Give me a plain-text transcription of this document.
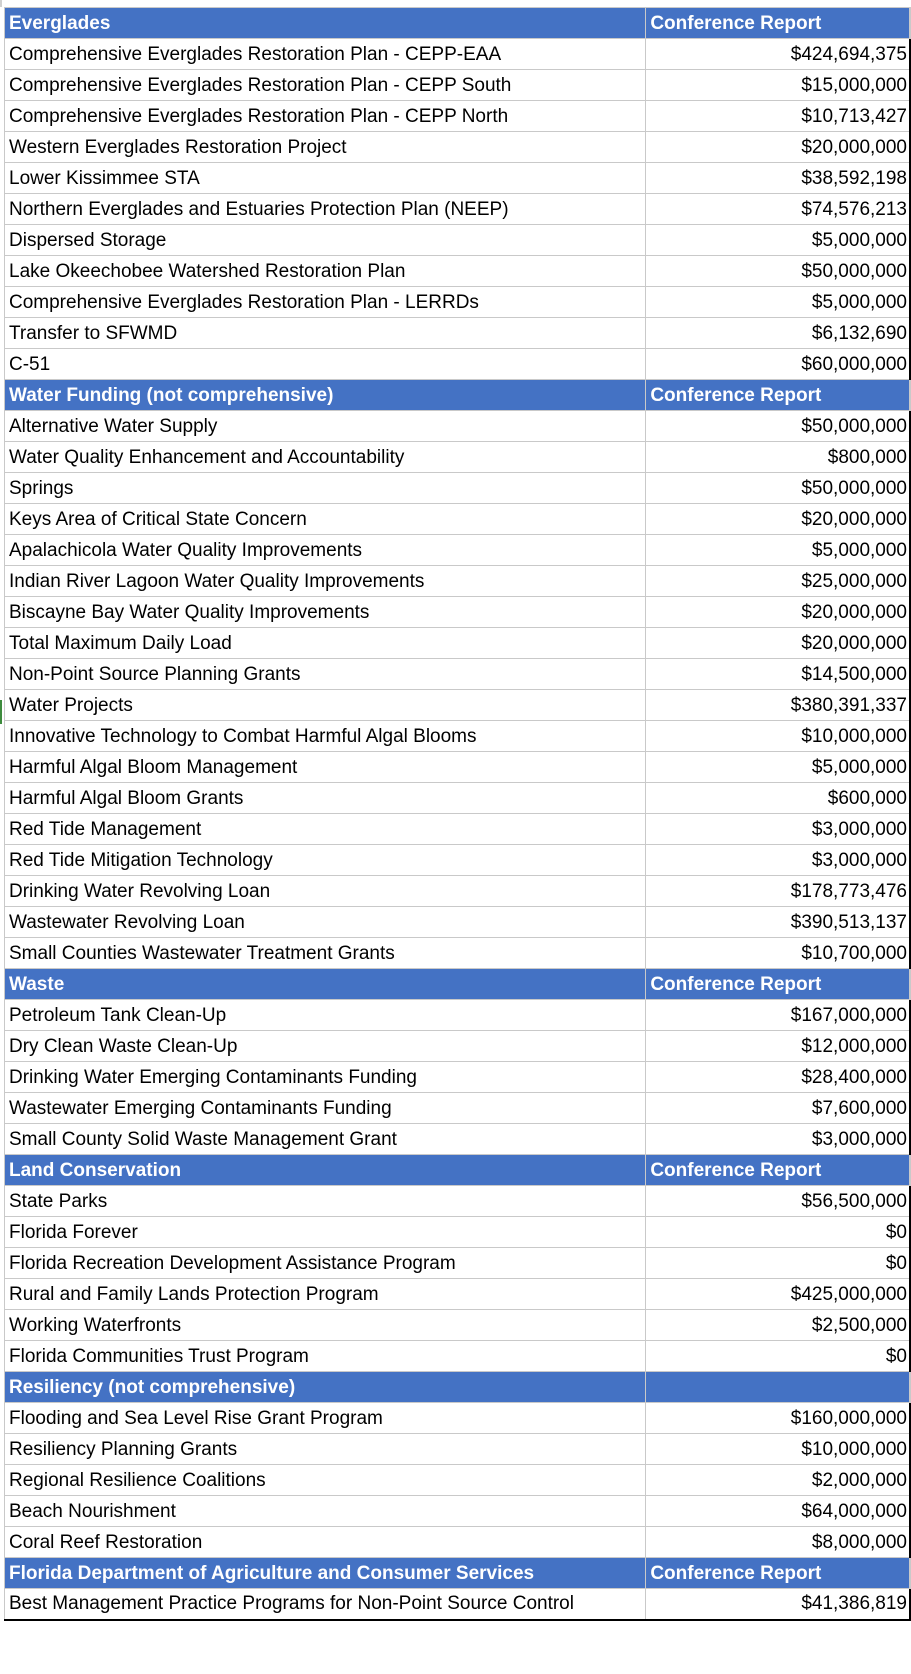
Everglades	Conference Report
Comprehensive Everglades Restoration Plan - CEPP-EAA	$424,694,375
Comprehensive Everglades Restoration Plan - CEPP South	$15,000,000
Comprehensive Everglades Restoration Plan - CEPP North	$10,713,427
Western Everglades Restoration Project	$20,000,000
Lower Kissimmee STA	$38,592,198
Northern Everglades and Estuaries Protection Plan (NEEP)	$74,576,213
Dispersed Storage	$5,000,000
Lake Okeechobee Watershed Restoration Plan	$50,000,000
Comprehensive Everglades Restoration Plan - LERRDs	$5,000,000
Transfer to SFWMD	$6,132,690
C-51	$60,000,000
Water Funding (not comprehensive)	Conference Report
Alternative Water Supply	$50,000,000
Water Quality Enhancement and Accountability	$800,000
Springs	$50,000,000
Keys Area of Critical State Concern	$20,000,000
Apalachicola Water Quality Improvements	$5,000,000
Indian River Lagoon Water Quality Improvements	$25,000,000
Biscayne Bay Water Quality Improvements	$20,000,000
Total Maximum Daily Load	$20,000,000
Non-Point Source Planning Grants	$14,500,000
Water Projects	$380,391,337
Innovative Technology to Combat Harmful Algal Blooms	$10,000,000
Harmful Algal Bloom Management	$5,000,000
Harmful Algal Bloom Grants	$600,000
Red Tide Management	$3,000,000
Red Tide Mitigation Technology	$3,000,000
Drinking Water Revolving Loan	$178,773,476
Wastewater Revolving Loan	$390,513,137
Small Counties Wastewater Treatment Grants	$10,700,000
Waste	Conference Report
Petroleum Tank Clean-Up	$167,000,000
Dry Clean Waste Clean-Up	$12,000,000
Drinking Water Emerging Contaminants Funding	$28,400,000
Wastewater Emerging Contaminants Funding	$7,600,000
Small County Solid Waste Management Grant	$3,000,000
Land Conservation	Conference Report
State Parks	$56,500,000
Florida Forever	$0
Florida Recreation Development Assistance Program	$0
Rural and Family Lands Protection Program	$425,000,000
Working Waterfronts	$2,500,000
Florida Communities Trust Program	$0
Resiliency (not comprehensive)	
Flooding and Sea Level Rise Grant Program	$160,000,000
Resiliency Planning Grants	$10,000,000
Regional Resilience Coalitions	$2,000,000
Beach Nourishment	$64,000,000
Coral Reef Restoration	$8,000,000
Florida Department of Agriculture and Consumer Services	Conference Report
Best Management Practice Programs for Non-Point Source Control	$41,386,819
